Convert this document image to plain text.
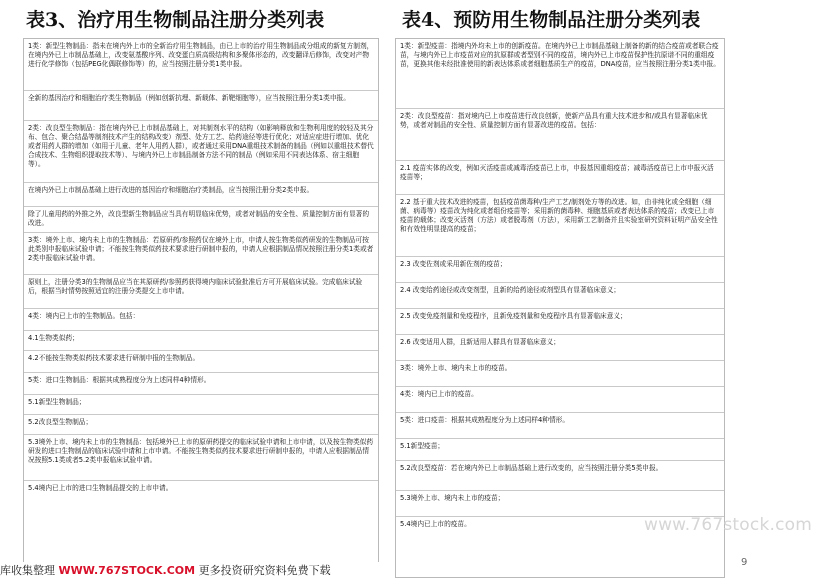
表3、治疗用生物制品注册分类列表	表4、预防用生物制品注册分类列表
1类：新型生物制品：指未在境内外上市的全新治疗用生物制品，由已上市的治疗用生物制品成分组成的新复方制剂，在境内外已上市制品基础上，改变氨基酸序列、改变蛋白质高级结构和多聚体形态的，改变翻译后修饰，改变对产物进行化学修饰（包括PEG化偶联修饰等）的，应当按照注册分类1类申报。
全新的基因治疗和细胞治疗类生物制品（例如创新抗埋、新载体、新靶细胞等），应当按照注册分类1类申报。
2类：改良型生物制品：指在境内外已上市制品基础上，对其制剂水平的结构（如影响释放和生物利用度的较轻及其分布、包合、聚合结晶等制剂技术产生的结构改变）剂型、处方工艺、给药途径等进行优化；对适应症进行增加、优化或者用药人群的增加（如用于儿童、老年人用药人群），或者通过采用DNA重组技术制备的制品（例如以重组技术替代合成技术、生物组织提取技术等）、与境内外已上市制品制备方法不同的制品（例如采用不同表达体系、宿主细胞等）。
在境内外已上市制品基础上进行改进的基因治疗和细胞治疗类制品，应当按照注册分类2类申报。
除了儿童用药的外推之外，改良型新生物制品应当具有明显临床优势，或者对制品的安全性、质量控制方面有显著的改进。
3类：境外上市、境内未上市的生物制品：若原研药/参照药仅在境外上市，申请人按生物类似药研发的生物制品可按此类别申报临床试验申请；不能按生物类似药技术要求进行研制申报的，申请人应根据制品情况按照注册分类1类或者2类申报临床试验申请。
原则上，注册分类3的生物制品应当在其原研药/参照药获得境内临床试验批准后方可开展临床试验。完成临床试验后，根据当时情势按照适宜的注册分类提交上市申请。
4类：境内已上市的生物制品。包括：
4.1生物类似药；
4.2不能按生物类似药技术要求进行研制申报的生物制品。
5类：进口生物制品：根据其成熟程度分为上述同样4种情形。
5.1新型生物制品；
5.2改良型生物制品；
5.3境外上市、境内未上市的生物制品：包括境外已上市的原研药提交的临床试验申请和上市申请，以及按生物类似药研发的进口生物制品的临床试验申请和上市申请。不能按生物类似药技术要求进行研制申报的，申请人应根据制品情况按照5.1类或者5.2类申报临床试验申请。
5.4境内已上市的进口生物制品提交的上市申请。
1类：新型疫苗：指境内外均未上市的创新疫苗。在境内外已上市制品基础上制备的新的结合疫苗或者联合疫苗，与境内外已上市疫苗对应的抗原群或者型别不同的疫苗，境内外已上市疫苗保护性抗原谱不同的重组疫苗，更换其他未经批准使用的新表达体系或者细胞基质生产的疫苗，DNA疫苗，应当按照注册分类1类申报。
2类：改良型疫苗：指对境内已上市疫苗进行改良创新，使新产品具有重大技术进步和/或具有显著临床优势，或者对制品的安全性、质量控制方面有显著改进的疫苗。包括：
2.1 疫苗实体的改变，例如灭活疫苗或减毒活疫苗已上市，申报基因重组疫苗；减毒活疫苗已上市申报灭活疫苗等；
2.2 基于重大技术改进的疫苗，包括疫苗菌毒种/生产工艺/制剂处方等的改进。如，由非纯化或全细胞（细菌、病毒等）疫苗改为纯化或者组份疫苗等；采用新的菌毒种、细胞基质或者表达体系的疫苗；改变已上市疫苗的载体；改变灭活剂（方法）或者脱毒剂（方法），采用新工艺制备并且实验室研究资料证明产品安全性和有效性明显提高的疫苗；
2.3 改变佐剂或采用新佐剂的疫苗；
2.4 改变给药途径或改变剂型，且新的给药途径或剂型具有显著临床意义；
2.5 改变免疫剂量和免疫程序，且新免疫剂量和免疫程序具有显著临床意义；
2.6 改变适用人群，且新适用人群具有显著临床意义；
3类：境外上市、境内未上市的疫苗。
4类：境内已上市的疫苗。
5类：进口疫苗：根据其成熟程度分为上述同样4种情形。
5.1新型疫苗；
5.2改良型疫苗：若在境内外已上市制品基础上进行改变的，应当按照注册分类5类申报。
5.3境外上市、境内未上市的疫苗；
5.4境内已上市的疫苗。	www.767stock.com
库收集整理 WWW.767STOCK.COM 更多投资研究资料免费下载
9
